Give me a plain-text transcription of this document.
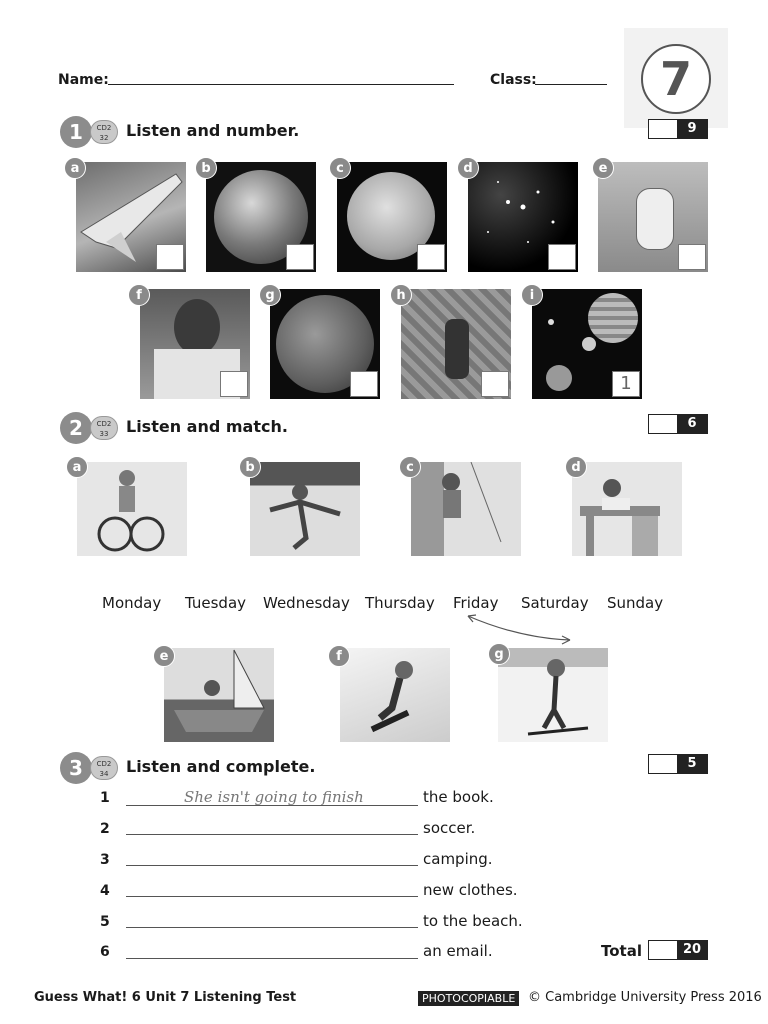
Name:	Class:	7
1	CD2
32	Listen and number.	9
a	b	c	d	e
f	g	h	i
1
2	CD2
33	Listen and match.	6
a	b	c	d
Monday Tuesday Wednesday Thursday Friday Saturday Sunday
e	f	g
3	CD2
34	Listen and complete.	5
1	She isn't going to finish	the book.
2	soccer.
3	camping.
4	new clothes.
5	to the beach.
6	an email.	Total	20
Guess What! 6 Unit 7 Listening Test	PHOTOCOPIABLE © Cambridge University Press 2016
